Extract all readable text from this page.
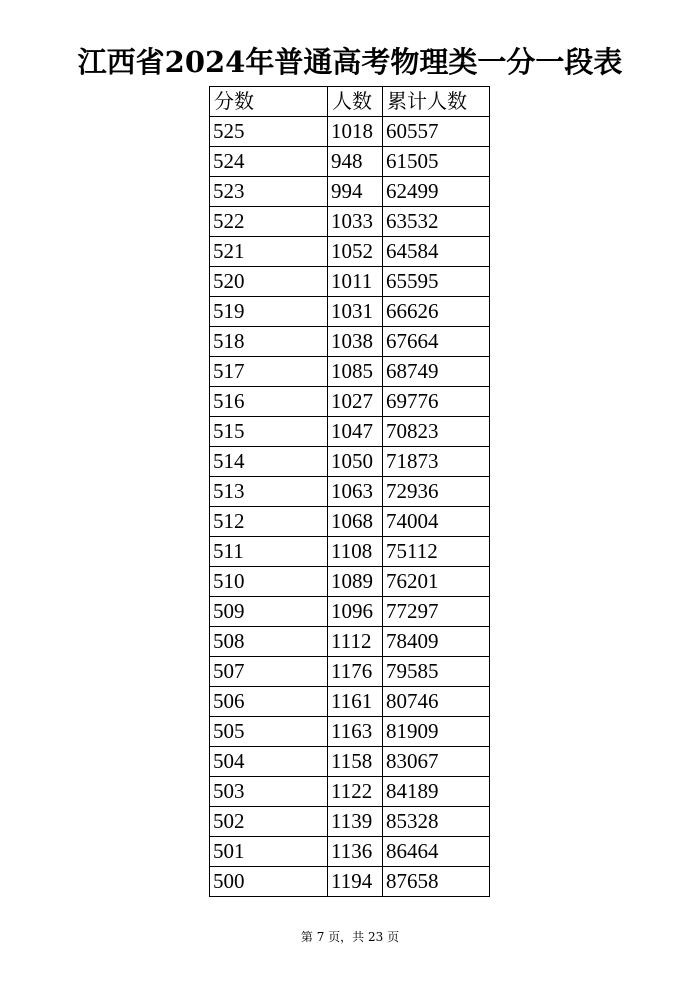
江西省2024年普通高考物理类一分一段表
分数	人数	累计人数
525	1018	60557
524	948	61505
523	994	62499
522	1033	63532
521	1052	64584
520	1011	65595
519	1031	66626
518	1038	67664
517	1085	68749
516	1027	69776
515	1047	70823
514	1050	71873
513	1063	72936
512	1068	74004
511	1108	75112
510	1089	76201
509	1096	77297
508	1112	78409
507	1176	79585
506	1161	80746
505	1163	81909
504	1158	83067
503	1122	84189
502	1139	85328
501	1136	86464
500	1194	87658
第 7 页，共 23 页
